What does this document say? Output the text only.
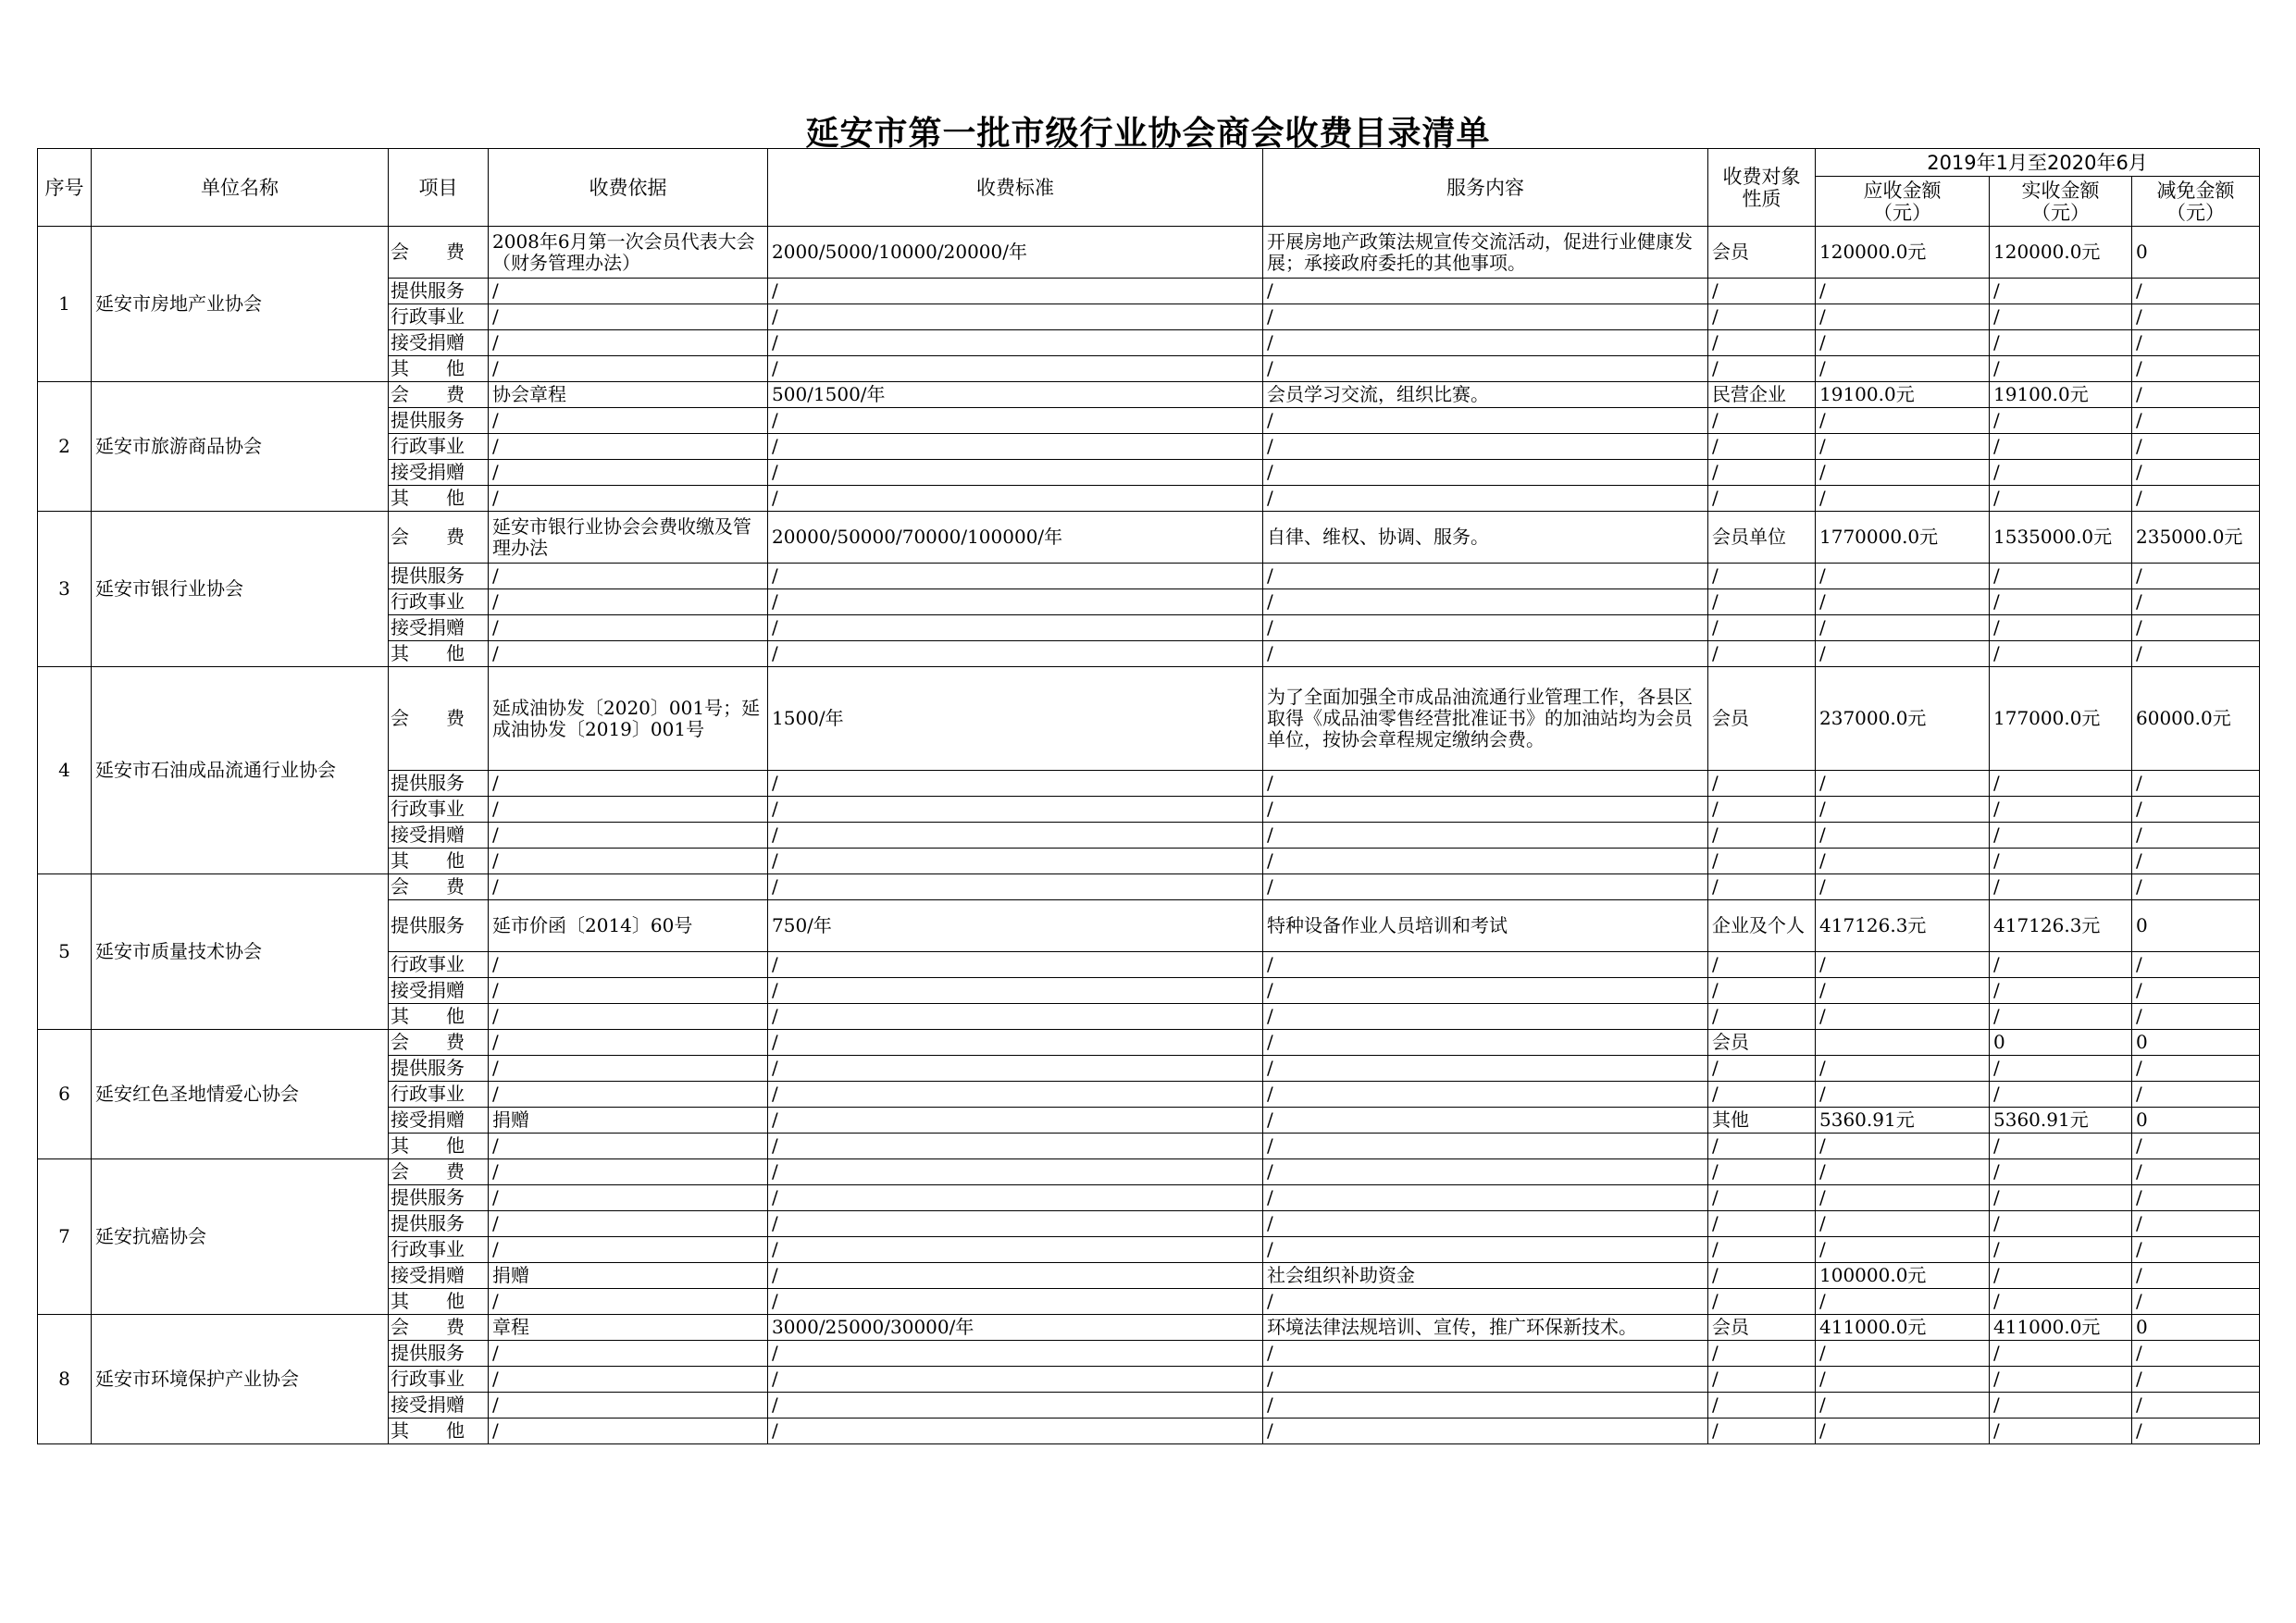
延安市第一批市级行业协会商会收费目录清单
序号	单位名称	项目	收费依据	收费标准	服务内容	收费对象性质	2019年1月至2020年6月		
							应收金额（元）	实收金额（元）	减免金额（元）
1	延安市房地产业协会	会　　费	2008年6月第一次会员代表大会（财务管理办法）	2000/5000/10000/20000/年	开展房地产政策法规宣传交流活动，促进行业健康发展；承接政府委托的其他事项。	会员	120000.0元	120000.0元	0
		提供服务	/	/	/	/	/	/	/
		行政事业	/	/	/	/	/	/	/
		接受捐赠	/	/	/	/	/	/	/
		其　　他	/	/	/	/	/	/	/
2	延安市旅游商品协会	会　　费	协会章程	500/1500/年	会员学习交流，组织比赛。	民营企业	19100.0元	19100.0元	/
		提供服务	/	/	/	/	/	/	/
		行政事业	/	/	/	/	/	/	/
		接受捐赠	/	/	/	/	/	/	/
		其　　他	/	/	/	/	/	/	/
3	延安市银行业协会	会　　费	延安市银行业协会会费收缴及管理办法	20000/50000/70000/100000/年	自律、维权、协调、服务。	会员单位	1770000.0元	1535000.0元	235000.0元
		提供服务	/	/	/	/	/	/	/
		行政事业	/	/	/	/	/	/	/
		接受捐赠	/	/	/	/	/	/	/
		其　　他	/	/	/	/	/	/	/
4	延安市石油成品流通行业协会	会　　费	延成油协发〔2020〕001号；延成油协发〔2019〕001号	1500/年	为了全面加强全市成品油流通行业管理工作，各县区取得《成品油零售经营批准证书》的加油站均为会员单位，按协会章程规定缴纳会费。	会员	237000.0元	177000.0元	60000.0元
		提供服务	/	/	/	/	/	/	/
		行政事业	/	/	/	/	/	/	/
		接受捐赠	/	/	/	/	/	/	/
		其　　他	/	/	/	/	/	/	/
5	延安市质量技术协会	会　　费	/	/	/	/	/	/	/
		提供服务	延市价函〔2014〕60号	750/年	特种设备作业人员培训和考试	企业及个人	417126.3元	417126.3元	0
		行政事业	/	/	/	/	/	/	/
		接受捐赠	/	/	/	/	/	/	/
		其　　他	/	/	/	/	/	/	/
6	延安红色圣地情爱心协会	会　　费	/	/	/	会员		0	0
		提供服务	/	/	/	/	/	/	/
		行政事业	/	/	/	/	/	/	/
		接受捐赠	捐赠	/	/	其他	5360.91元	5360.91元	0
		其　　他	/	/	/	/	/	/	/
7	延安抗癌协会	会　　费	/	/	/	/	/	/	/
		提供服务	/	/	/	/	/	/	/
		提供服务	/	/	/	/	/	/	/
		行政事业	/	/	/	/	/	/	/
		接受捐赠	捐赠	/	社会组织补助资金	/	100000.0元	/	/
		其　　他	/	/	/	/	/	/	/
8	延安市环境保护产业协会	会　　费	章程	3000/25000/30000/年	环境法律法规培训、宣传，推广环保新技术。	会员	411000.0元	411000.0元	0
		提供服务	/	/	/	/	/	/	/
		行政事业	/	/	/	/	/	/	/
		接受捐赠	/	/	/	/	/	/	/
		其　　他	/	/	/	/	/	/	/
